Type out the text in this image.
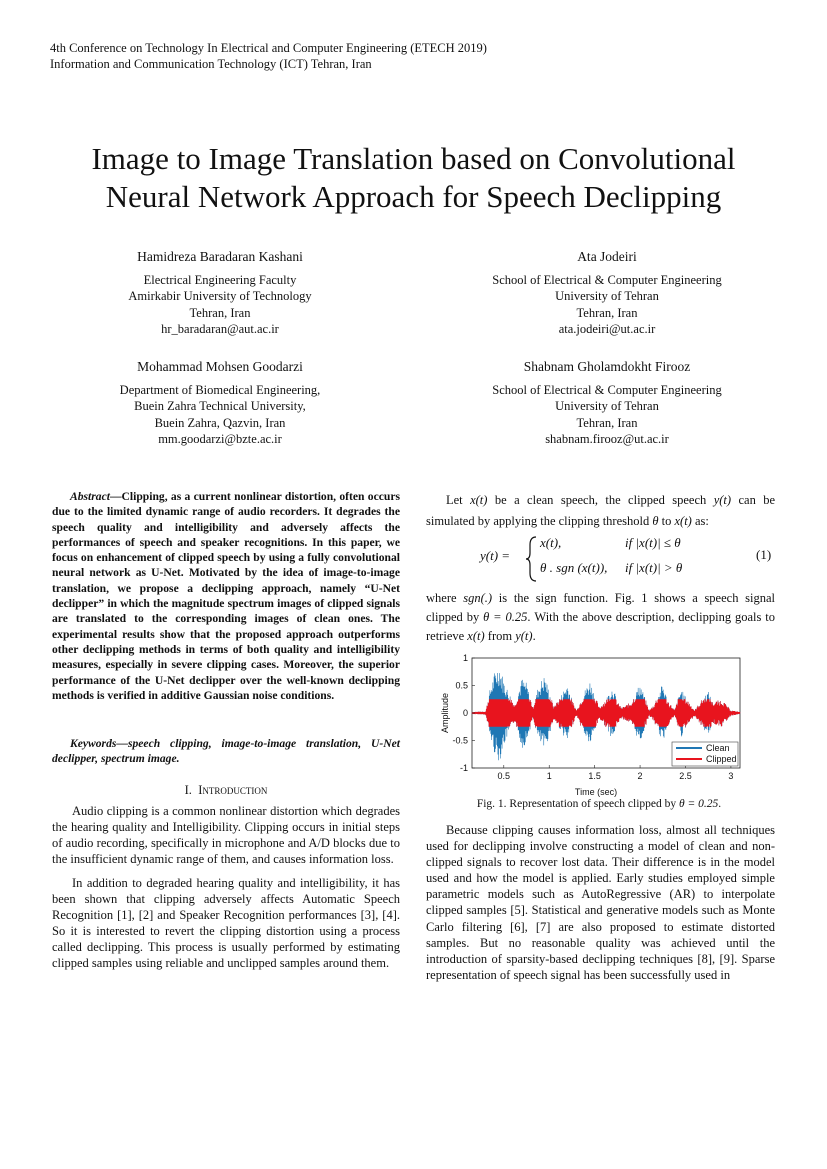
4th Conference on Technology In Electrical and Computer Engineering (ETECH 2019)
Information and Communication Technology (ICT) Tehran, Iran
Image to Image Translation based on Convolutional
Neural Network Approach for Speech Declipping
Hamidreza Baradaran Kashani
Electrical Engineering Faculty
Amirkabir University of Technology
Tehran, Iran
hr_baradaran@aut.ac.ir
Ata Jodeiri
School of Electrical & Computer Engineering
University of Tehran
Tehran, Iran
ata.jodeiri@ut.ac.ir
Mohammad Mohsen Goodarzi
Department of Biomedical Engineering,
Buein Zahra Technical University,
Buein Zahra, Qazvin, Iran
mm.goodarzi@bzte.ac.ir
Shabnam Gholamdokht Firooz
School of Electrical & Computer Engineering
University of Tehran
Tehran, Iran
shabnam.firooz@ut.ac.ir
Abstract—Clipping, as a current nonlinear distortion, often occurs due to the limited dynamic range of audio recorders. It degrades the speech quality and intelligibility and adversely affects the performances of speech and speaker recognitions. In this paper, we focus on enhancement of clipped speech by using a fully convolutional neural network as U-Net. Motivated by the idea of image-to-image translation, we propose a declipping approach, namely “U-Net declipper” in which the magnitude spectrum images of clipped signals are translated to the corresponding images of clean ones. The experimental results show that the proposed approach outperforms other declipping methods in terms of both quality and intelligibility measures, especially in severe clipping cases. Moreover, the superior performance of the U-Net declipper over the well-known declipping methods is verified in additive Gaussian noise conditions.
Keywords—speech clipping, image-to-image translation, U-Net declipper, spectrum image.
I. Introduction
Audio clipping is a common nonlinear distortion which degrades the hearing quality and Intelligibility. Clipping occurs in initial steps of audio recording, specifically in microphone and A/D blocks due to the insufficient dynamic range of them, and causes information loss.
In addition to degraded hearing quality and intelligibility, it has been shown that clipping adversely affects Automatic Speech Recognition [1], [2] and Speaker Recognition performances [3], [4]. So it is interested to revert the clipping distortion using a process called declipping. This process is usually performed by estimating clipped samples using reliable and unclipped samples around them.
Let x(t) be a clean speech, the clipped speech y(t) can be simulated by applying the clipping threshold θ to x(t) as:
y(t) =
x(t),	if |x(t)| ≤ θ
θ . sgn (x(t)), if |x(t)| > θ
(1)
where sgn(.) is the sign function. Fig. 1 shows a speech signal clipped by θ = 0.25. With the above description, declipping goals to retrieve x(t) from y(t).
0.5	1	1.5	2	2.5	3
1
0.5
0
-0.5
-1
Time (sec)
Amplitude
Clean
Clipped
Fig. 1. Representation of speech clipped by θ = 0.25.
Because clipping causes information loss, almost all techniques used for declipping involve constructing a model of clean and non-clipped signals to recover lost data. Their difference is in the model used and how the model is applied. Early studies employed simple parametric models such as AutoRegressive (AR) to interpolate clipped samples [5]. Statistical and generative models such as Monte Carlo filtering [6], [7] are also proposed to estimate distorted samples. But no reasonable quality was achieved until the introduction of sparsity-based declipping techniques [8], [9]. Sparse representation of speech signal has been successfully used in
